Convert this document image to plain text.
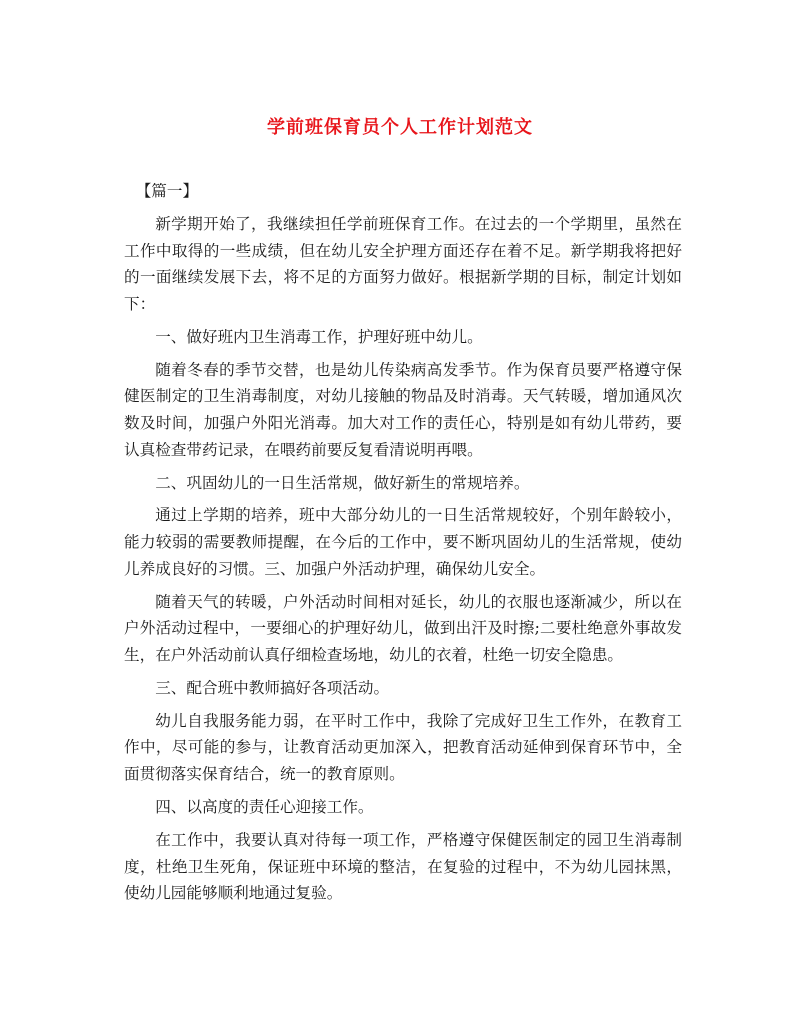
学前班保育员个人工作计划范文

【篇一】

新学期开始了，我继续担任学前班保育工作。在过去的一个学期里，虽然在工作中取得的一些成绩，但在幼儿安全护理方面还存在着不足。新学期我将把好的一面继续发展下去，将不足的方面努力做好。根据新学期的目标，制定计划如下：

一、做好班内卫生消毒工作，护理好班中幼儿。

随着冬春的季节交替，也是幼儿传染病高发季节。作为保育员要严格遵守保健医制定的卫生消毒制度，对幼儿接触的物品及时消毒。天气转暖，增加通风次数及时间，加强户外阳光消毒。加大对工作的责任心，特别是如有幼儿带药，要认真检查带药记录，在喂药前要反复看清说明再喂。

二、巩固幼儿的一日生活常规，做好新生的常规培养。

通过上学期的培养，班中大部分幼儿的一日生活常规较好，个别年龄较小，能力较弱的需要教师提醒，在今后的工作中，要不断巩固幼儿的生活常规，使幼儿养成良好的习惯。三、加强户外活动护理，确保幼儿安全。

随着天气的转暖，户外活动时间相对延长，幼儿的衣服也逐渐减少，所以在户外活动过程中，一要细心的护理好幼儿，做到出汗及时擦;二要杜绝意外事故发生，在户外活动前认真仔细检查场地，幼儿的衣着，杜绝一切安全隐患。

三、配合班中教师搞好各项活动。

幼儿自我服务能力弱，在平时工作中，我除了完成好卫生工作外，在教育工作中，尽可能的参与，让教育活动更加深入，把教育活动延伸到保育环节中，全面贯彻落实保育结合，统一的教育原则。

四、以高度的责任心迎接工作。

在工作中，我要认真对待每一项工作，严格遵守保健医制定的园卫生消毒制度，杜绝卫生死角，保证班中环境的整洁，在复验的过程中，不为幼儿园抹黑，使幼儿园能够顺利地通过复验。
